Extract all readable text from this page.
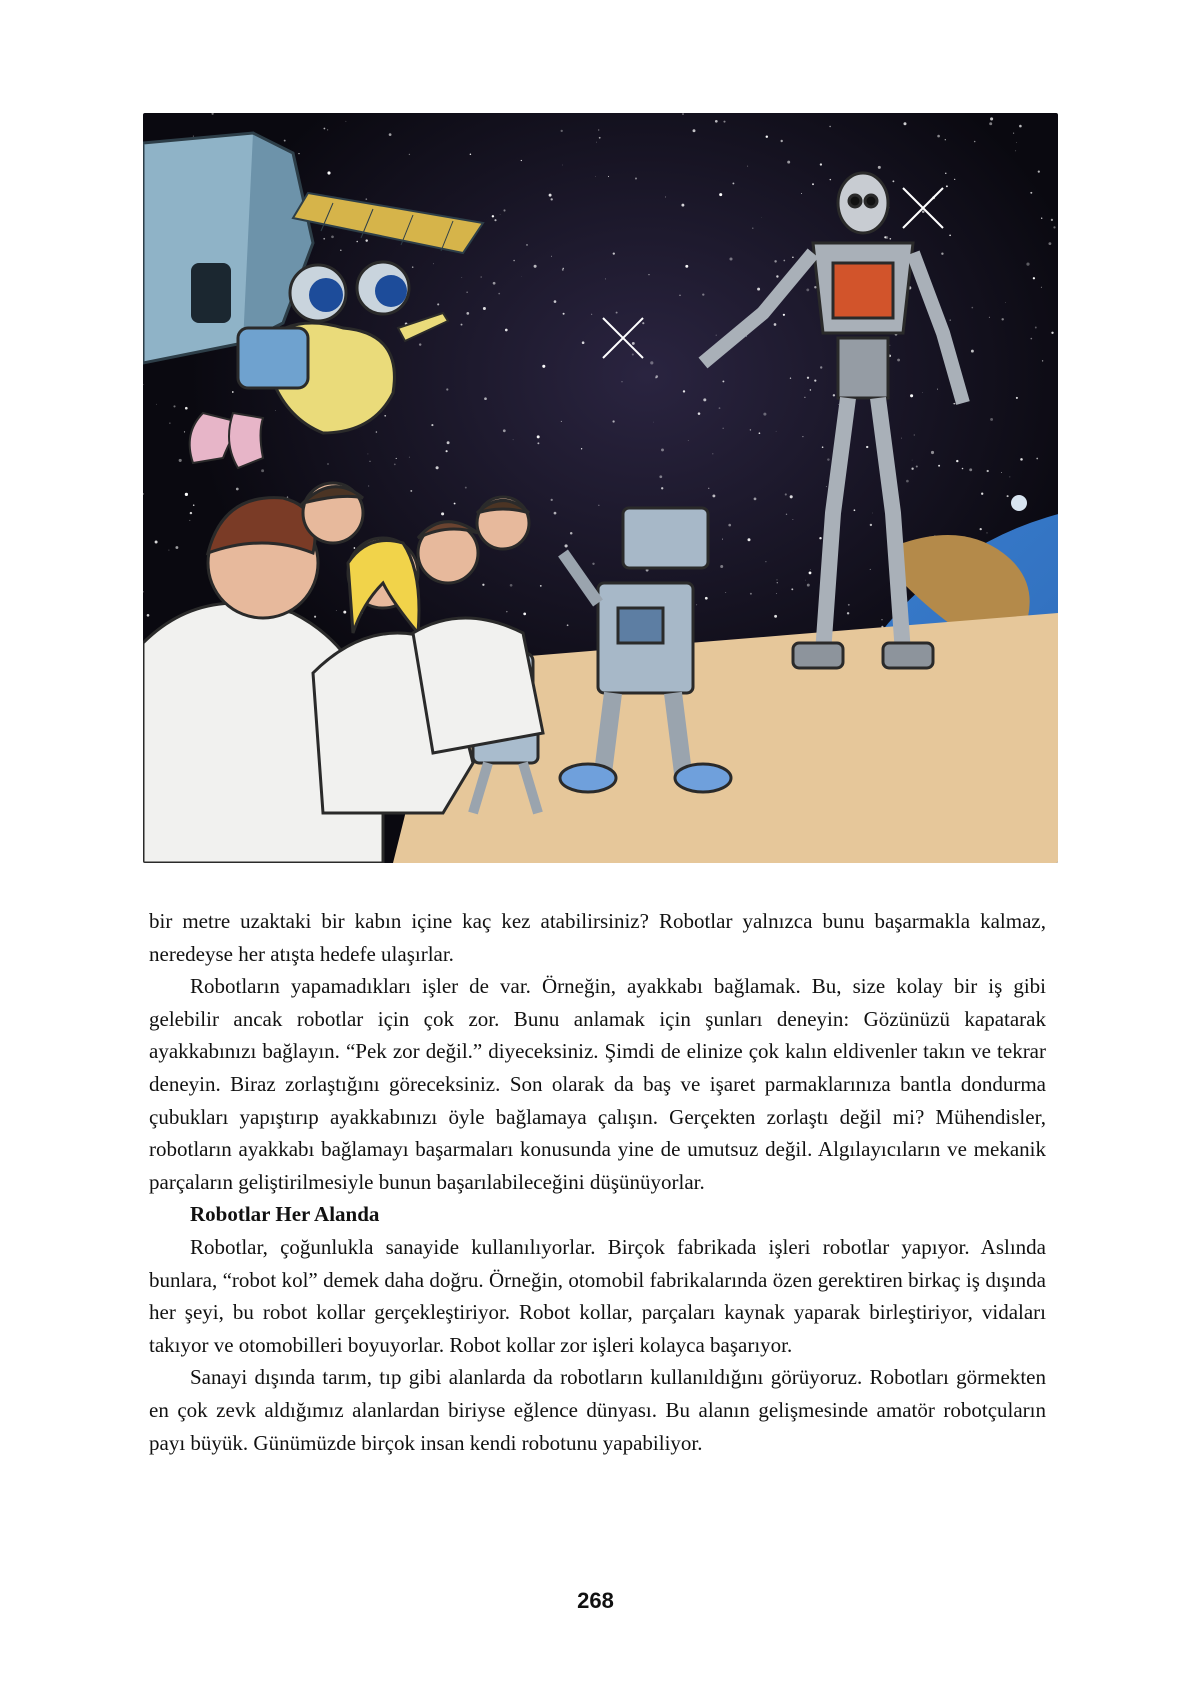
bir metre uzaktaki bir kabın içine kaç kez atabilirsiniz? Robotlar yalnızca bunu başarmakla kalmaz, neredeyse her atışta hedefe ulaşırlar.

Robotların yapamadıkları işler de var. Örneğin, ayakkabı bağlamak. Bu, size kolay bir iş gibi gelebilir ancak robotlar için çok zor. Bunu anlamak için şunları deneyin: Gözünüzü kapatarak ayakkabınızı bağlayın. “Pek zor değil.” diyeceksiniz. Şimdi de elinize çok kalın eldivenler takın ve tekrar deneyin. Biraz zorlaştığını göreceksiniz. Son olarak da baş ve işaret parmaklarınıza bantla dondurma çubukları yapıştırıp ayakkabınızı öyle bağlamaya çalışın. Gerçekten zorlaştı değil mi? Mühendisler, robotların ayakkabı bağlamayı başarmaları konusunda yine de umutsuz değil. Algılayıcıların ve mekanik parçaların geliştirilmesiyle bunun başarılabileceğini düşünüyorlar.

Robotlar Her Alanda

Robotlar, çoğunlukla sanayide kullanılıyorlar. Birçok fabrikada işleri robotlar yapıyor. Aslında bunlara, “robot kol” demek daha doğru. Örneğin, otomobil fabrikalarında özen gerektiren birkaç iş dışında her şeyi, bu robot kollar gerçekleştiriyor. Robot kollar, parçaları kaynak yaparak birleştiriyor, vidaları takıyor ve otomobilleri boyuyorlar. Robot kollar zor işleri kolayca başarıyor.

Sanayi dışında tarım, tıp gibi alanlarda da robotların kullanıldığını görüyoruz. Robotları görmekten en çok zevk aldığımız alanlardan biriyse eğlence dünyası. Bu alanın gelişmesinde amatör robotçuların payı büyük. Günümüzde birçok insan kendi robotunu yapabiliyor.

268
